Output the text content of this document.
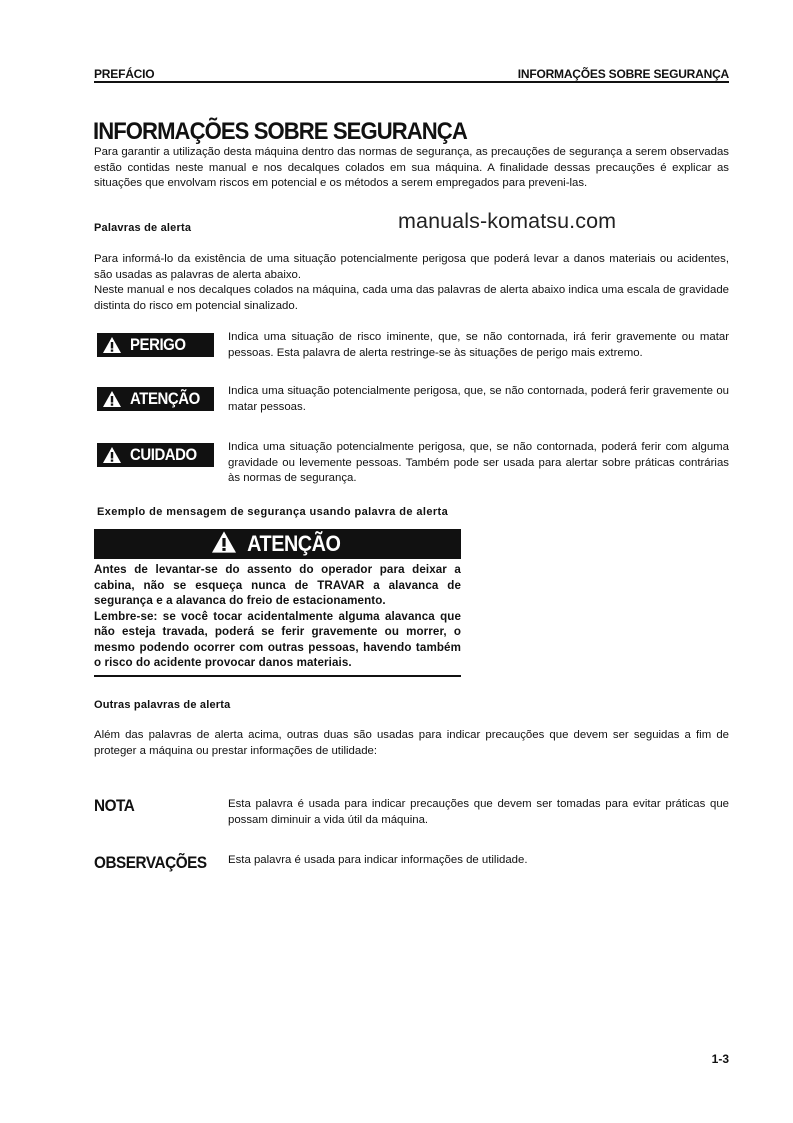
PREFÁCIO	INFORMAÇÕES SOBRE SEGURANÇA
INFORMAÇÕES SOBRE SEGURANÇA

Para garantir a utilização desta máquina dentro das normas de segurança, as precauções de segurança a serem observadas estão contidas neste manual e nos decalques colados em sua máquina. A finalidade dessas precauções é explicar as situações que envolvam riscos em potencial e os métodos a serem empregados para preveni-las.

Palavras de alerta	manuals-komatsu.com

Para informá-lo da existência de uma situação potencialmente perigosa que poderá levar a danos materiais ou acidentes, são usadas as palavras de alerta abaixo.

Neste manual e nos decalques colados na máquina, cada uma das palavras de alerta abaixo indica uma escala de gravidade distinta do risco em potencial sinalizado.

PERIGO	Indica uma situação de risco iminente, que, se não contornada, irá ferir gravemente ou matar pessoas. Esta palavra de alerta restringe-se às situações de perigo mais extremo.

ATENÇÃO Indica uma situação potencialmente perigosa, que, se não contornada, poderá ferir gravemente ou matar pessoas.

CUIDADO	Indica uma situação potencialmente perigosa, que, se não contornada, poderá ferir com alguma gravidade ou levemente pessoas. Também pode ser usada para alertar sobre práticas contrárias às normas de segurança.

Exemplo de mensagem de segurança usando palavra de alerta
ATENÇÃO
Antes de levantar-se do assento do operador para deixar a cabina, não se esqueça nunca de TRAVAR a alavanca de segurança e a alavanca do freio de estacionamento.
Lembre-se: se você tocar acidentalmente alguma alavanca que não esteja travada, poderá se ferir gravemente ou morrer, o mesmo podendo ocorrer com outras pessoas, havendo também o risco do acidente provocar danos materiais.
Outras palavras de alerta

Além das palavras de alerta acima, outras duas são usadas para indicar precauções que devem ser seguidas a fim de proteger a máquina ou prestar informações de utilidade:

NOTA	Esta palavra é usada para indicar precauções que devem ser tomadas para evitar práticas que possam diminuir a vida útil da máquina.

OBSERVAÇÕES Esta palavra é usada para indicar informações de utilidade.

1-3
